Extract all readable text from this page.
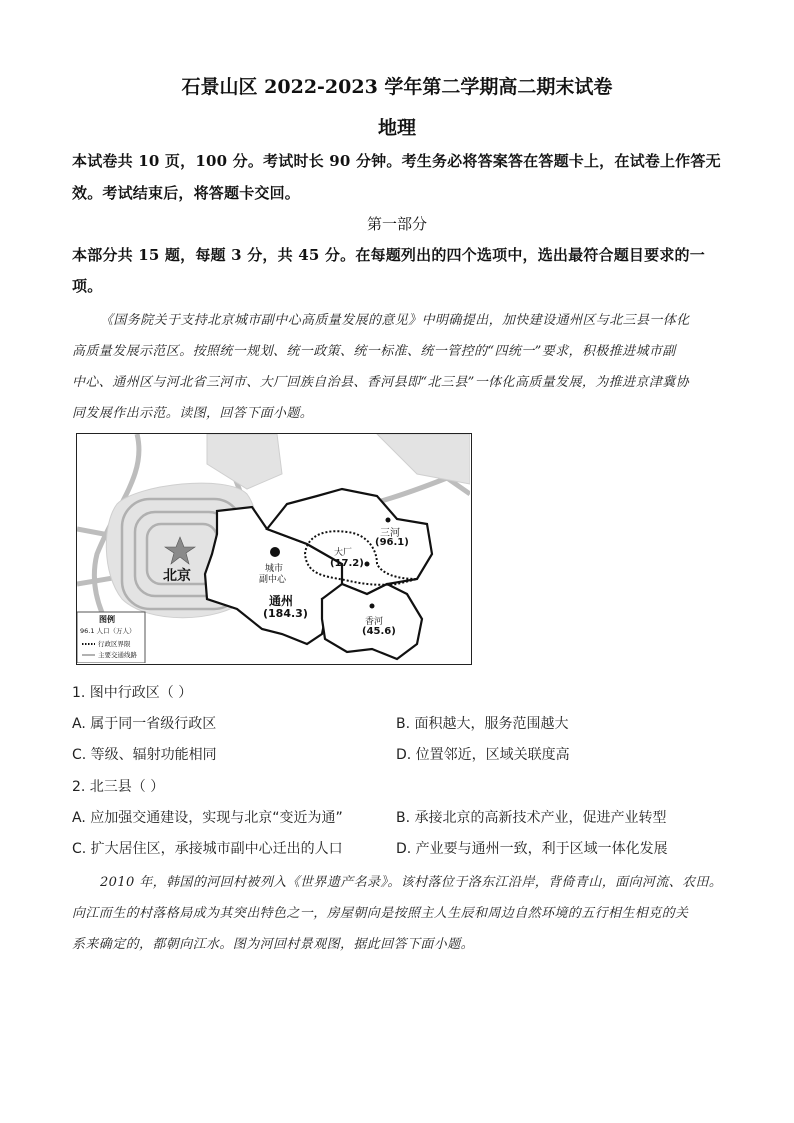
石景山区 2022-2023 学年第二学期高二期末试卷
地理
本试卷共 10 页，100 分。考试时长 90 分钟。考生务必将答案答在答题卡上，在试卷上作答无
效。考试结束后，将答题卡交回。
第一部分
本部分共 15 题，每题 3 分，共 45 分。在每题列出的四个选项中，选出最符合题目要求的一
项。
《国务院关于支持北京城市副中心高质量发展的意见》中明确提出，加快建设通州区与北三县一体化
高质量发展示范区。按照统一规划、统一政策、统一标准、统一管控的“四统一”要求，积极推进城市副
中心、通州区与河北省三河市、大厂回族自治县、香河县即“北三县”一体化高质量发展，为推进京津冀协
同发展作出示范。读图，回答下面小题。
北京	城市
副中心
通州
(184.3)
三河
(96.1)
大厂
(17.2)
香河
(45.6)
图例
96.1 人口（万人）
行政区界限
主要交通线路
1. 图中行政区（ ）
A. 属于同一省级行政区	B. 面积越大，服务范围越大
C. 等级、辐射功能相同	D. 位置邻近，区域关联度高
2. 北三县（ ）
A. 应加强交通建设，实现与北京“变近为通”	B. 承接北京的高新技术产业，促进产业转型
C. 扩大居住区，承接城市副中心迁出的人口	D. 产业要与通州一致，利于区域一体化发展
2010 年，韩国的河回村被列入《世界遗产名录》。该村落位于洛东江沿岸，背倚青山，面向河流、农田。
向江而生的村落格局成为其突出特色之一，房屋朝向是按照主人生辰和周边自然环境的五行相生相克的关
系来确定的，都朝向江水。图为河回村景观图，据此回答下面小题。
